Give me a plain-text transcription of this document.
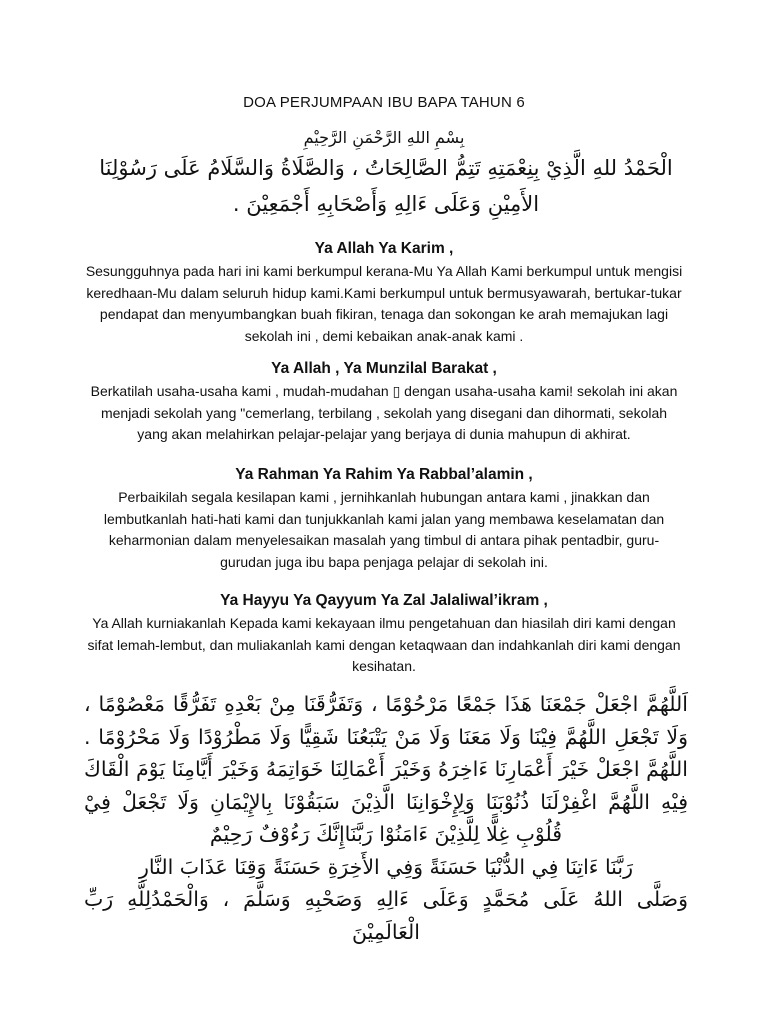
DOA PERJUMPAAN IBU BAPA TAHUN 6
بِسْمِ اللهِ الرَّحْمَنِ الرَّحِيْمِ
الْحَمْدُ للهِ الَّذِيْ بِنِعْمَتِهِ تَتِمُّ الصَّالِحَاتُ ، وَالصَّلَاةُ وَالسَّلَامُ عَلَى رَسُوْلِنَا الأَمِيْنِ وَعَلَى ءَالِهِ وَأَصْحَابِهِ أَجْمَعِيْنَ .
Ya Allah Ya Karim ,
Sesungguhnya pada hari ini kami berkumpul kerana-Mu Ya Allah Kami berkumpul untuk mengisi keredhaan-Mu dalam seluruh hidup kami.Kami berkumpul untuk bermusyawarah, bertukar-tukar pendapat dan menyumbangkan buah fikiran, tenaga dan sokongan ke arah memajukan lagi sekolah ini , demi kebaikan anak-anak kami .
Ya Allah , Ya Munzilal Barakat ,
Berkatilah usaha-usaha kami , mudah-mudahan ▯ dengan usaha-usaha kami! sekolah ini akan menjadi sekolah yang "cemerlang, terbilang , sekolah yang disegani dan dihormati, sekolah yang akan melahirkan pelajar-pelajar yang berjaya di dunia mahupun di akhirat.
Ya Rahman Ya Rahim Ya Rabbal’alamin ,
Perbaikilah segala kesilapan kami , jernihkanlah hubungan antara kami , jinakkan dan lembutkanlah hati-hati kami dan tunjukkanlah kami jalan yang membawa keselamatan dan keharmonian dalam menyelesaikan masalah yang timbul di antara pihak pentadbir, guru-gurudan juga ibu bapa penjaga pelajar di sekolah ini.
Ya Hayyu Ya Qayyum Ya Zal Jalaliwal’ikram ,
Ya Allah kurniakanlah Kepada kami kekayaan ilmu pengetahuan dan hiasilah diri kami dengan sifat lemah-lembut, dan muliakanlah kami dengan ketaqwaan dan indahkanlah diri kami dengan kesihatan.

اَللَّهُمَّ اجْعَلْ جَمْعَنَا هَذَا جَمْعًا مَرْحُوْمًا ، وَتَفَرُّقَنَا مِنْ بَعْدِهِ تَفَرُّقًا مَعْصُوْمًا ، وَلَا تَجْعَلِ اللَّهُمَّ فِيْنَا وَلَا مَعَنَا وَلَا مَنْ يَتْبَعُنَا شَقِيًّا وَلَا مَطْرُوْدًا وَلَا مَحْرُوْمًا . اللَّهُمَّ اجْعَلْ خَيْرَ أَعْمَارِنَا ءَاخِرَهُ وَخَيْرَ أَعْمَالِنَا خَوَاتِمَهُ وَخَيْرَ أَيَّامِنَا يَوْمَ الْقَاكَ فِيْهِ اللَّهُمَّ اغْفِرْلَنَا ذُنُوْبَنَا وَلِإِخْوَانِنَا الَّذِيْنَ سَبَقُوْنَا بِالإِيْمَانِ وَلَا تَجْعَلْ فِيْ قُلُوْبِ غِلًّا لِلَّذِيْنَ ءَامَنُوْا رَبَّنَاإِنَّكَ رَءُوْفٌ رَحِيْمٌ

رَبَّنَا ءَاتِنَا فِي الدُّنْيَا حَسَنَةً وَفِي الأَخِرَةِ حَسَنَةً وَقِنَا عَذَابَ النَّارِ

وَصَلَّى اللهُ عَلَى مُحَمَّدٍ وَعَلَى ءَالِهِ وَصَحْبِهِ وَسَلَّمَ ، وَالْحَمْدُلِلَّهِ رَبِّ الْعَالَمِيْنَ
